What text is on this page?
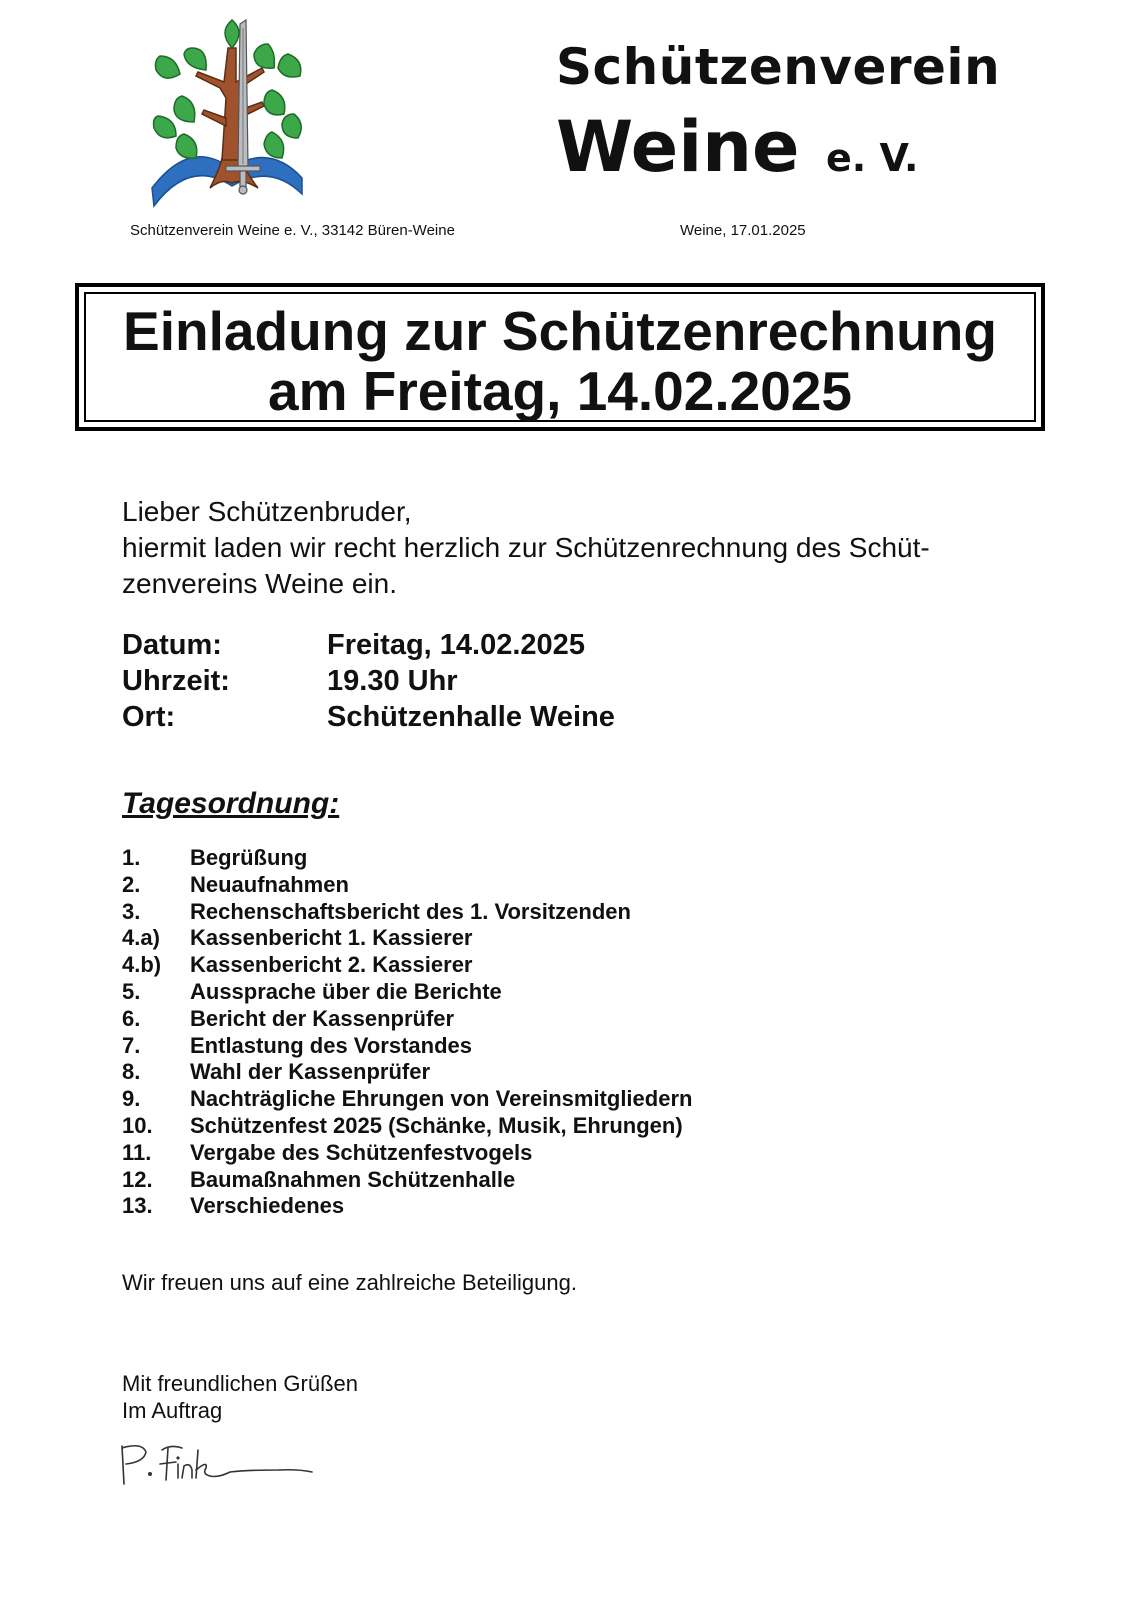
Schützenverein
Weine e. V.
Schützenverein Weine e. V., 33142 Büren-Weine	Weine, 17.01.2025
Einladung zur Schützenrechnung
am Freitag, 14.02.2025
Lieber Schützenbruder,
hiermit laden wir recht herzlich zur Schützenrechnung des Schüt-
zenvereins Weine ein.
Datum:	Freitag, 14.02.2025
Uhrzeit:	19.30 Uhr
Ort:	Schützenhalle Weine
Tagesordnung:
1.	Begrüßung
2.	Neuaufnahmen
3.	Rechenschaftsbericht des 1. Vorsitzenden
4.a)	Kassenbericht 1. Kassierer
4.b)	Kassenbericht 2. Kassierer
5.	Aussprache über die Berichte
6.	Bericht der Kassenprüfer
7.	Entlastung des Vorstandes
8.	Wahl der Kassenprüfer
9.	Nachträgliche Ehrungen von Vereinsmitgliedern
10.	Schützenfest 2025 (Schänke, Musik, Ehrungen)
11.	Vergabe des Schützenfestvogels
12.	Baumaßnahmen Schützenhalle
13.	Verschiedenes
Wir freuen uns auf eine zahlreiche Beteiligung.
Mit freundlichen Grüßen
Im Auftrag
